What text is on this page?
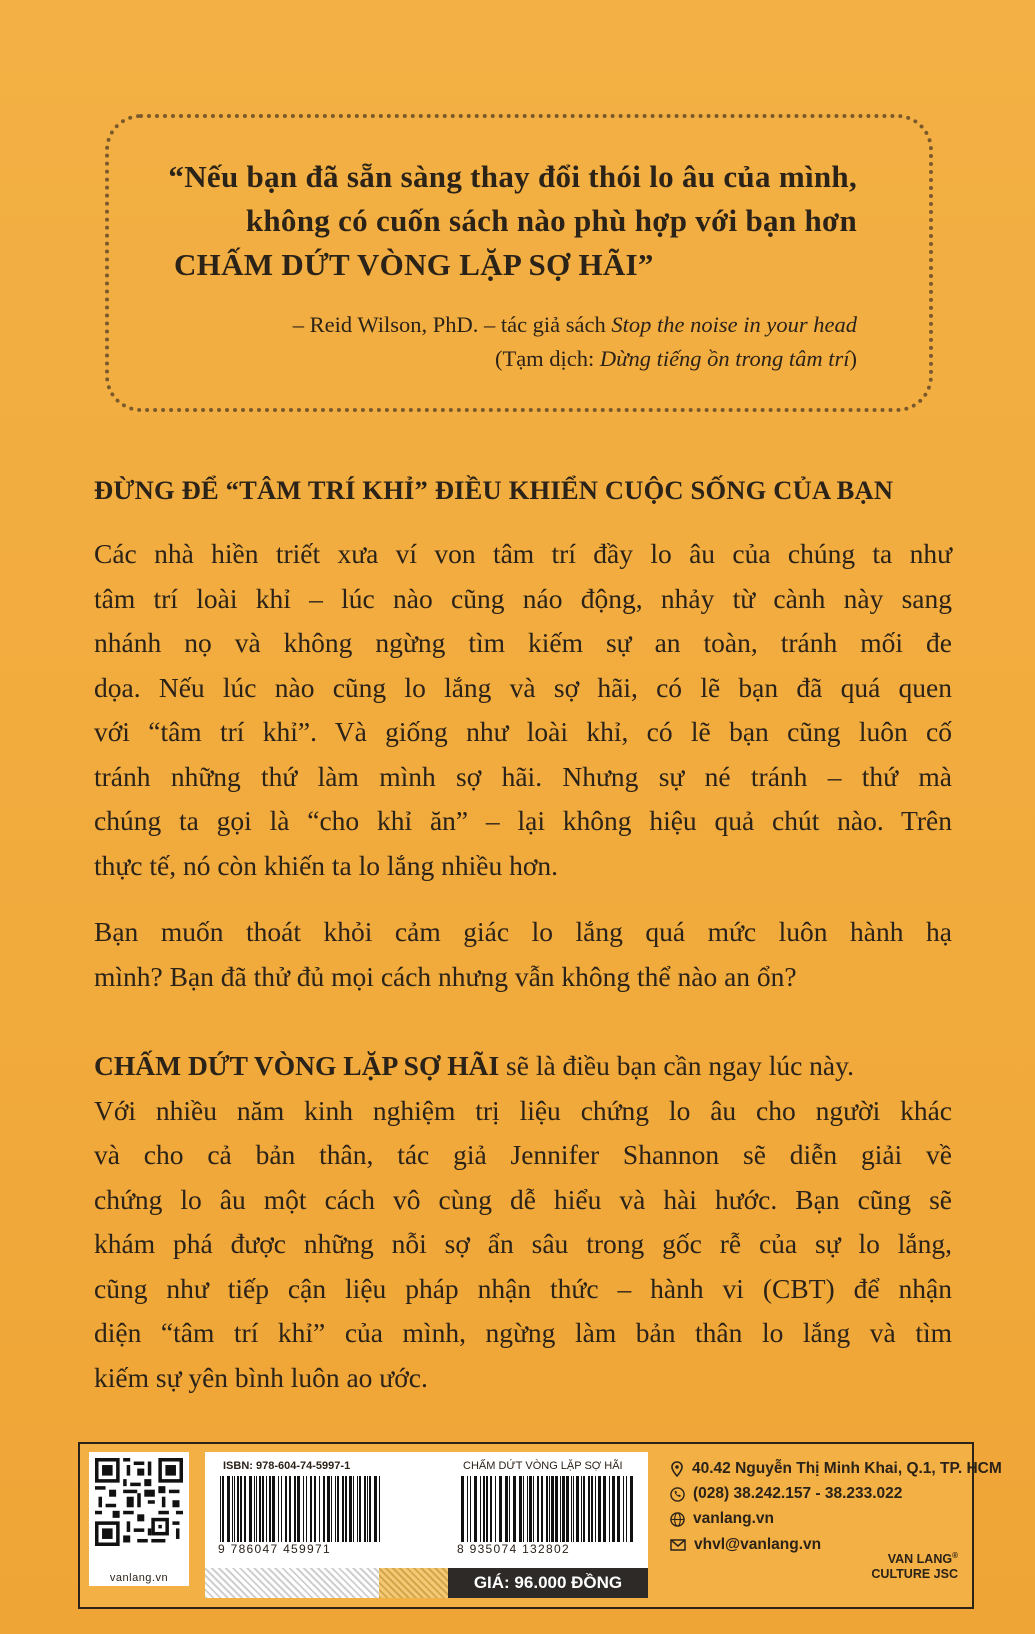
“Nếu bạn đã sẵn sàng thay đổi thói lo âu của mình,
không có cuốn sách nào phù hợp với bạn hơn
CHẤM DỨT VÒNG LẶP SỢ HÃI”
– Reid Wilson, PhD. – tác giả sách Stop the noise in your head
(Tạm dịch: Dừng tiếng ồn trong tâm trí)
ĐỪNG ĐỂ “TÂM TRÍ KHỈ” ĐIỀU KHIỂN CUỘC SỐNG CỦA BẠN
Các nhà hiền triết xưa ví von tâm trí đầy lo âu của chúng ta như
tâm trí loài khỉ – lúc nào cũng náo động, nhảy từ cành này sang
nhánh nọ và không ngừng tìm kiếm sự an toàn, tránh mối đe
dọa. Nếu lúc nào cũng lo lắng và sợ hãi, có lẽ bạn đã quá quen
với “tâm trí khỉ”. Và giống như loài khỉ, có lẽ bạn cũng luôn cố
tránh những thứ làm mình sợ hãi. Nhưng sự né tránh – thứ mà
chúng ta gọi là “cho khỉ ăn” – lại không hiệu quả chút nào. Trên
thực tế, nó còn khiến ta lo lắng nhiều hơn.
Bạn muốn thoát khỏi cảm giác lo lắng quá mức luôn hành hạ
mình? Bạn đã thử đủ mọi cách nhưng vẫn không thể nào an ổn?
CHẤM DỨT VÒNG LẶP SỢ HÃI sẽ là điều bạn cần ngay lúc này.
Với nhiều năm kinh nghiệm trị liệu chứng lo âu cho người khác
và cho cả bản thân, tác giả Jennifer Shannon sẽ diễn giải về
chứng lo âu một cách vô cùng dễ hiểu và hài hước. Bạn cũng sẽ
khám phá được những nỗi sợ ẩn sâu trong gốc rễ của sự lo lắng,
cũng như tiếp cận liệu pháp nhận thức – hành vi (CBT) để nhận
diện “tâm trí khỉ” của mình, ngừng làm bản thân lo lắng và tìm
kiếm sự yên bình luôn ao ước.
vanlang.vn
ISBN: 978-604-74-5997-1	CHẤM DỨT VÒNG LẶP SỢ HÃI
9 786047 459971	8 935074 132802
GIÁ: 96.000 ĐỒNG
40.42 Nguyễn Thị Minh Khai, Q.1, TP. HCM
(028) 38.242.157 - 38.233.022
vanlang.vn
vhvl@vanlang.vn
VAN LANG®
CULTURE JSC
